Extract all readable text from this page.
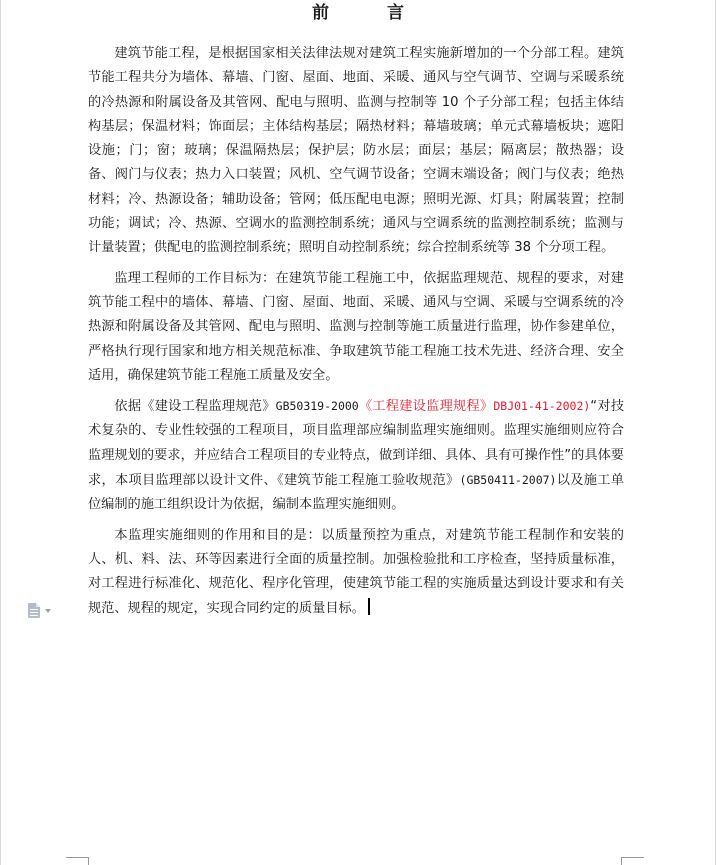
前言

建筑节能工程，是根据国家相关法律法规对建筑工程实施新增加的一个分部工程。建筑节能工程共分为墙体、幕墙、门窗、屋面、地面、采暖、通风与空气调节、空调与采暖系统的冷热源和附属设备及其管网、配电与照明、监测与控制等 10 个子分部工程；包括主体结构基层；保温材料；饰面层；主体结构基层；隔热材料；幕墙玻璃；单元式幕墙板块；遮阳设施；门；窗；玻璃；保温隔热层；保护层；防水层；面层；基层；隔离层；散热器；设备、阀门与仪表；热力入口装置；风机、空气调节设备；空调末端设备；阀门与仪表；绝热材料；冷、热源设备；辅助设备；管网；低压配电电源；照明光源、灯具；附属装置；控制功能；调试；冷、热源、空调水的监测控制系统；通风与空调系统的监测控制系统；监测与计量装置；供配电的监测控制系统；照明自动控制系统；综合控制系统等 38 个分项工程。

监理工程师的工作目标为：在建筑节能工程施工中，依据监理规范、规程的要求，对建筑节能工程中的墙体、幕墙、门窗、屋面、地面、采暖、通风与空调、采暖与空调系统的冷热源和附属设备及其管网、配电与照明、监测与控制等施工质量进行监理，协作参建单位，严格执行现行国家和地方相关规范标准、争取建筑节能工程施工技术先进、经济合理、安全适用，确保建筑节能工程施工质量及安全。

依据《建设工程监理规范》GB50319-2000《工程建设监理规程》DBJ01-41-2002)“对技术复杂的、专业性较强的工程项目，项目监理部应编制监理实施细则。监理实施细则应符合监理规划的要求，并应结合工程项目的专业特点，做到详细、具体、具有可操作性”的具体要求，本项目监理部以设计文件、《建筑节能工程施工验收规范》(GB50411-2007)以及施工单位编制的施工组织设计为依据，编制本监理实施细则。

本监理实施细则的作用和目的是：以质量预控为重点，对建筑节能工程制作和安装的人、机、料、法、环等因素进行全面的质量控制。加强检验批和工序检查，坚持质量标准，对工程进行标准化、规范化、程序化管理，使建筑节能工程的实施质量达到设计要求和有关规范、规程的规定，实现合同约定的质量目标。
